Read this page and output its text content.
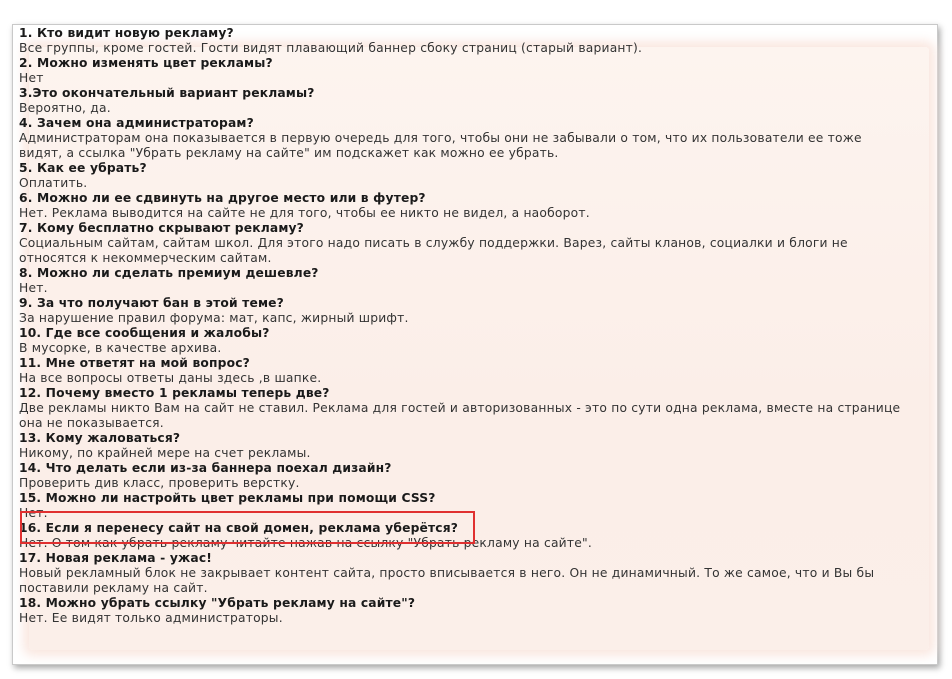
1. Кто видит новую рекламу?
Все группы, кроме гостей. Гости видят плавающий баннер сбоку страниц (старый вариант).
2. Можно изменять цвет рекламы?
Нет
3.Это окончательный вариант рекламы?
Вероятно, да.
4. Зачем она администраторам?
Администраторам она показывается в первую очередь для того, чтобы они не забывали о том, что их пользователи ее тоже видят, а ссылка "Убрать рекламу на сайте" им подскажет как можно ее убрать.
5. Как ее убрать?
Оплатить.
6. Можно ли ее сдвинуть на другое место или в футер?
Нет. Реклама выводится на сайте не для того, чтобы ее никто не видел, а наоборот.
7. Кому бесплатно скрывают рекламу?
Социальным сайтам, сайтам школ. Для этого надо писать в службу поддержки. Варез, сайты кланов, социалки и блоги не относятся к некоммерческим сайтам.
8. Можно ли сделать премиум дешевле?
Нет.
9. За что получают бан в этой теме?
За нарушение правил форума: мат, капс, жирный шрифт.
10. Где все сообщения и жалобы?
В мусорке, в качестве архива.
11. Мне ответят на мой вопрос?
На все вопросы ответы даны здесь ,в шапке.
12. Почему вместо 1 рекламы теперь две?
Две рекламы никто Вам на сайт не ставил. Реклама для гостей и авторизованных - это по сути одна реклама, вместе на странице она не показывается.
13. Кому жаловаться?
Никому, по крайней мере на счет рекламы.
14. Что делать если из-за баннера поехал дизайн?
Проверить див класс, проверить верстку.
15. Можно ли настройть цвет рекламы при помощи CSS?
Нет.
16. Если я перенесу сайт на свой домен, реклама уберётся?
Нет. О том как убрать рекламу читайте нажав на ссылку "Убрать рекламу на сайте".
17. Новая реклама - ужас!
Новый рекламный блок не закрывает контент сайта, просто вписывается в него. Он не динамичный. То же самое, что и Вы бы поставили рекламу на сайт.
18. Можно убрать ссылку "Убрать рекламу на сайте"?
Нет. Ее видят только администраторы.
